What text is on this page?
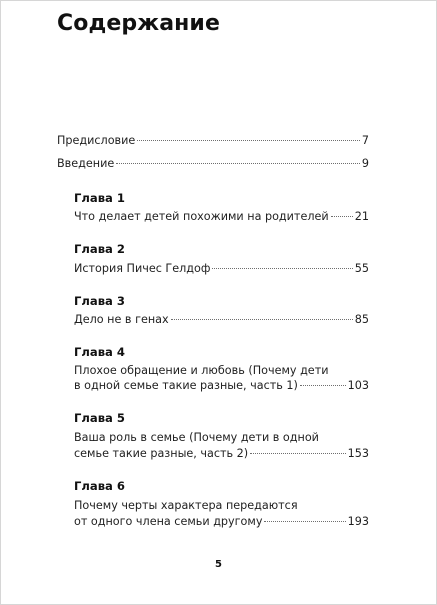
Содержание
Предисловие	7
Введение	9
Глава 1
Что делает детей похожими на родителей 21
Глава 2
История Пичес Гелдоф	55
Глава 3
Дело не в генах	85
Глава 4
Плохое обращение и любовь (Почему дети
в одной семье такие разные, часть 1)	103
Глава 5
Ваша роль в семье (Почему дети в одной
семье такие разные, часть 2)	153
Глава 6
Почему черты характера передаются
от одного члена семьи другому	193
5
